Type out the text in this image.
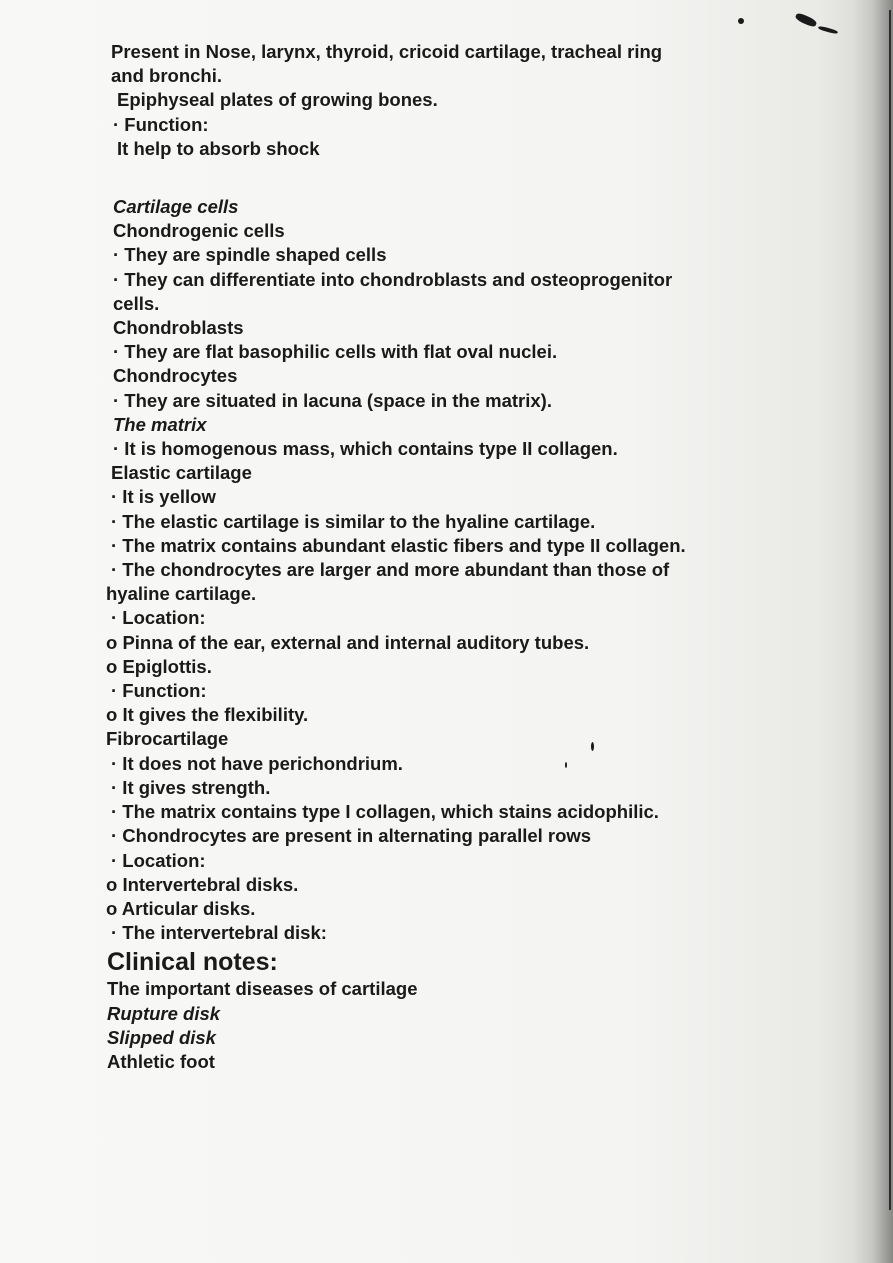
Present in Nose, larynx, thyroid, cricoid cartilage, tracheal ring
and bronchi.
Epiphyseal plates of growing bones.
· Function:
It help to absorb shock
Cartilage cells
Chondrogenic cells
· They are spindle shaped cells
· They can differentiate into chondroblasts and osteoprogenitor
cells.
Chondroblasts
· They are flat basophilic cells with flat oval nuclei.
Chondrocytes
· They are situated in lacuna (space in the matrix).
The matrix
· It is homogenous mass, which contains type II collagen.
Elastic cartilage
· It is yellow
· The elastic cartilage is similar to the hyaline cartilage.
· The matrix contains abundant elastic fibers and type II collagen.
· The chondrocytes are larger and more abundant than those of
hyaline cartilage.
· Location:
o Pinna of the ear, external and internal auditory tubes.
o Epiglottis.
· Function:
o It gives the flexibility.
Fibrocartilage
· It does not have perichondrium.
· It gives strength.
· The matrix contains type I collagen, which stains acidophilic.
· Chondrocytes are present in alternating parallel rows
· Location:
o Intervertebral disks.
o Articular disks.
· The intervertebral disk:
Clinical notes:
The important diseases of cartilage
Rupture disk
Slipped disk
Athletic foot
